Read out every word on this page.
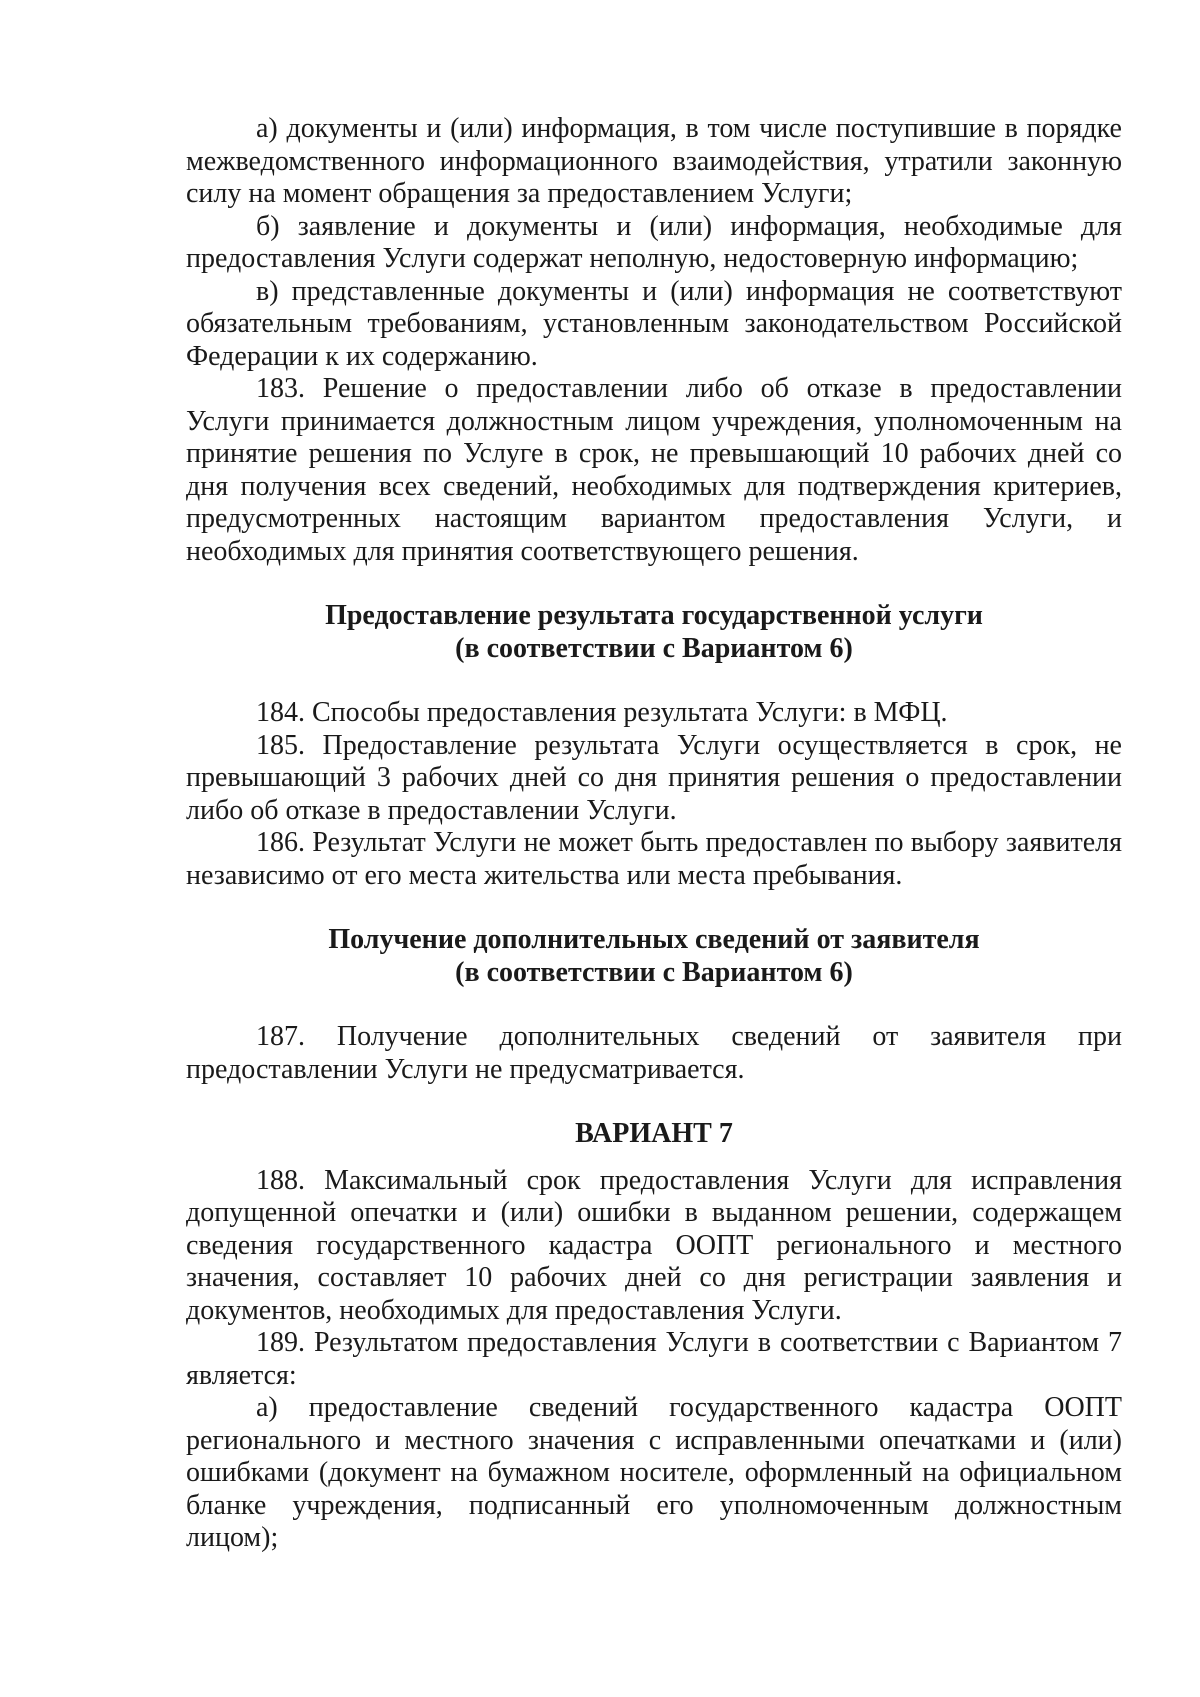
а) документы и (или) информация, в том числе поступившие в порядке межведомственного информационного взаимодействия, утратили законную силу на момент обращения за предоставлением Услуги;

б) заявление и документы и (или) информация, необходимые для предоставления Услуги содержат неполную, недостоверную информацию;

в) представленные документы и (или) информация не соответствуют обязательным требованиям, установленным законодательством Российской Федерации к их содержанию.

183. Решение о предоставлении либо об отказе в предоставлении Услуги принимается должностным лицом учреждения, уполномоченным на принятие решения по Услуге в срок, не превышающий 10 рабочих дней со дня получения всех сведений, необходимых для подтверждения критериев, предусмотренных настоящим вариантом предоставления Услуги, и необходимых для принятия соответствующего решения.

Предоставление результата государственной услуги
(в соответствии с Вариантом 6)

184. Способы предоставления результата Услуги: в МФЦ.

185. Предоставление результата Услуги осуществляется в срок, не превышающий 3 рабочих дней со дня принятия решения о предоставлении либо об отказе в предоставлении Услуги.

186. Результат Услуги не может быть предоставлен по выбору заявителя независимо от его места жительства или места пребывания.

Получение дополнительных сведений от заявителя
(в соответствии с Вариантом 6)

187. Получение дополнительных сведений от заявителя при предоставлении Услуги не предусматривается.

ВАРИАНТ 7

188. Максимальный срок предоставления Услуги для исправления допущенной опечатки и (или) ошибки в выданном решении, содержащем сведения государственного кадастра ООПТ регионального и местного значения, составляет 10 рабочих дней со дня регистрации заявления и документов, необходимых для предоставления Услуги.

189. Результатом предоставления Услуги в соответствии с Вариантом 7 является:

а) предоставление сведений государственного кадастра ООПТ регионального и местного значения с исправленными опечатками и (или) ошибками (документ на бумажном носителе, оформленный на официальном бланке учреждения, подписанный его уполномоченным должностным лицом);
